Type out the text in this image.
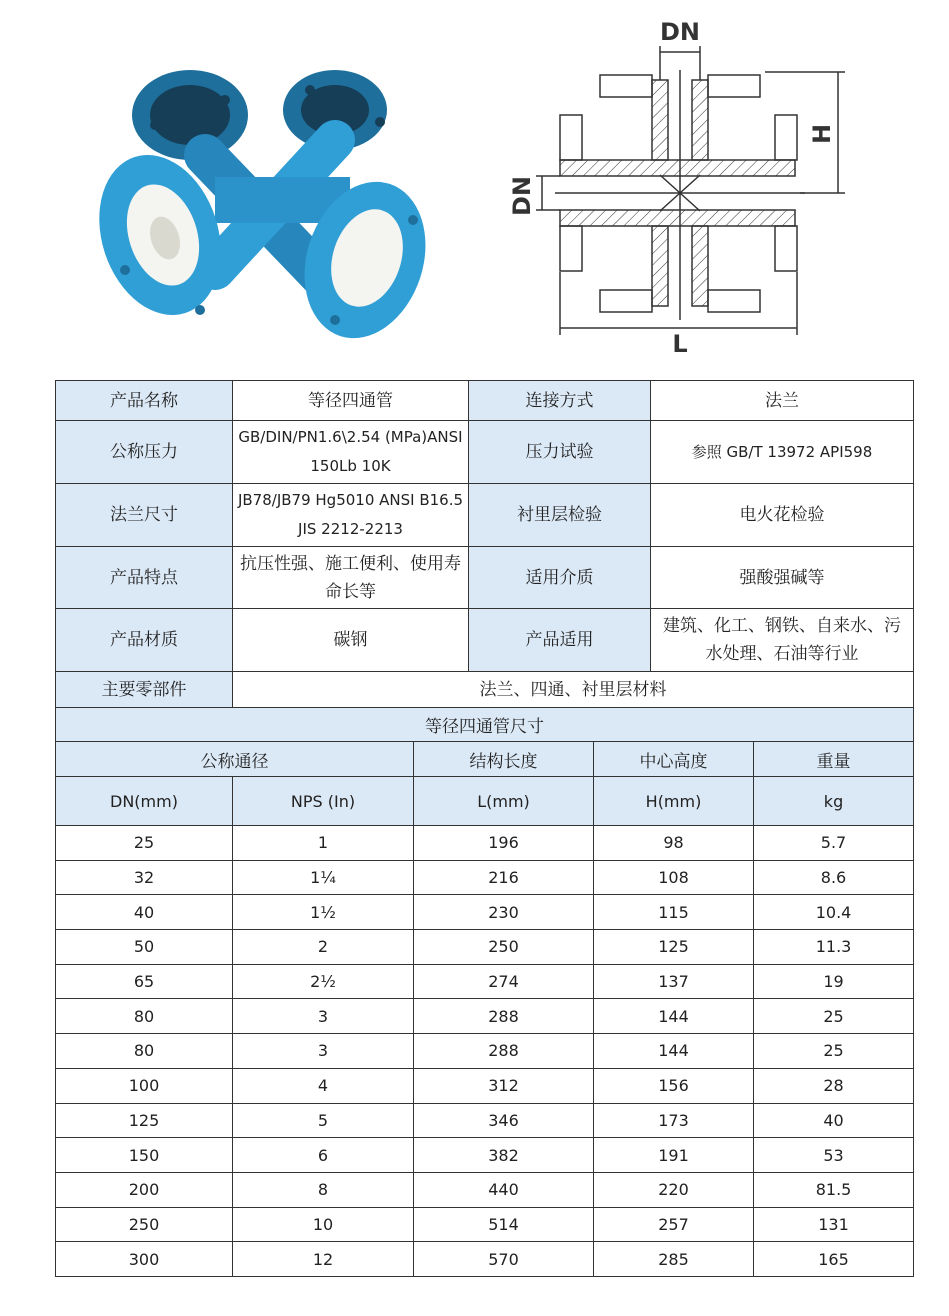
DN
DN
H
L
产品名称	等径四通管	连接方式	法兰
公称压力	GB/DIN/PN1.6\2.54 (MPa)ANSI 150Lb 10K	压力试验	参照 GB/T 13972 API598
法兰尺寸	JB78/JB79 Hg5010 ANSI B16.5 JIS 2212-2213	衬里层检验	电火花检验
产品特点	抗压性强、施工便利、使用寿命长等	适用介质	强酸强碱等
产品材质	碳钢	产品适用	建筑、化工、钢铁、自来水、污水处理、石油等行业
主要零部件	法兰、四通、衬里层材料		
等径四通管尺寸				
公称通径		结构长度	中心高度	重量
DN(mm)	NPS (In)	L(mm)	H(mm)	kg
25	1	196	98	5.7
32	1¼	216	108	8.6
40	1½	230	115	10.4
50	2	250	125	11.3
65	2½	274	137	19
80	3	288	144	25
80	3	288	144	25
100	4	312	156	28
125	5	346	173	40
150	6	382	191	53
200	8	440	220	81.5
250	10	514	257	131
300	12	570	285	165
